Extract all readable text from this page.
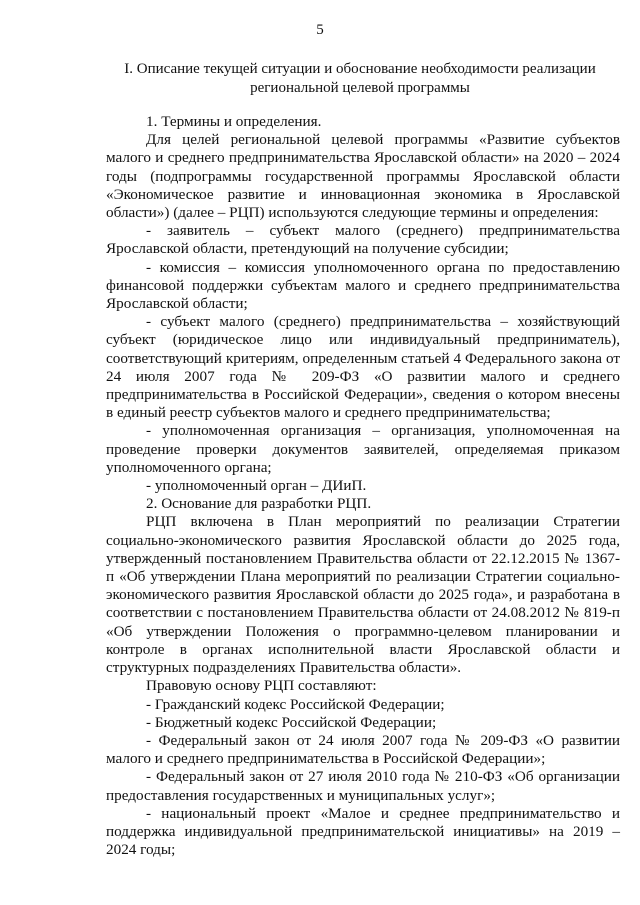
5
I. Описание текущей ситуации и обоснование необходимости реализации
региональной целевой программы

1. Термины и определения.

Для целей региональной целевой программы «Развитие субъектов малого и среднего предпринимательства Ярославской области» на 2020 – 2024 годы (подпрограммы государственной программы Ярославской области «Экономическое развитие и инновационная экономика в Ярославской области») (далее – РЦП) используются следующие термины и определения:

- заявитель – субъект малого (среднего) предпринимательства Ярославской области, претендующий на получение субсидии;

- комиссия – комиссия уполномоченного органа по предоставлению финансовой поддержки субъектам малого и среднего предпринимательства Ярославской области;

- субъект малого (среднего) предпринимательства – хозяйствующий субъект (юридическое лицо или индивидуальный предприниматель), соответствующий критериям, определенным статьей 4 Федерального закона от 24 июля 2007 года № 209-ФЗ «О развитии малого и среднего предпринимательства в Российской Федерации», сведения о котором внесены в единый реестр субъектов малого и среднего предпринимательства;

- уполномоченная организация – организация, уполномоченная на проведение проверки документов заявителей, определяемая приказом уполномоченного органа;

- уполномоченный орган – ДИиП.

2. Основание для разработки РЦП.

РЦП включена в План мероприятий по реализации Стратегии социально-экономического развития Ярославской области до 2025 года, утвержденный постановлением Правительства области от 22.12.2015 № 1367-п «Об утверждении Плана мероприятий по реализации Стратегии социально-экономического развития Ярославской области до 2025 года», и разработана в соответствии с постановлением Правительства области от 24.08.2012 № 819-п «Об утверждении Положения о программно-целевом планировании и контроле в органах исполнительной власти Ярославской области и структурных подразделениях Правительства области».

Правовую основу РЦП составляют:

- Гражданский кодекс Российской Федерации;

- Бюджетный кодекс Российской Федерации;

- Федеральный закон от 24 июля 2007 года № 209-ФЗ «О развитии малого и среднего предпринимательства в Российской Федерации»;

- Федеральный закон от 27 июля 2010 года № 210-ФЗ «Об организации предоставления государственных и муниципальных услуг»;

- национальный проект «Малое и среднее предпринимательство и поддержка индивидуальной предпринимательской инициативы» на 2019 – 2024 годы;
